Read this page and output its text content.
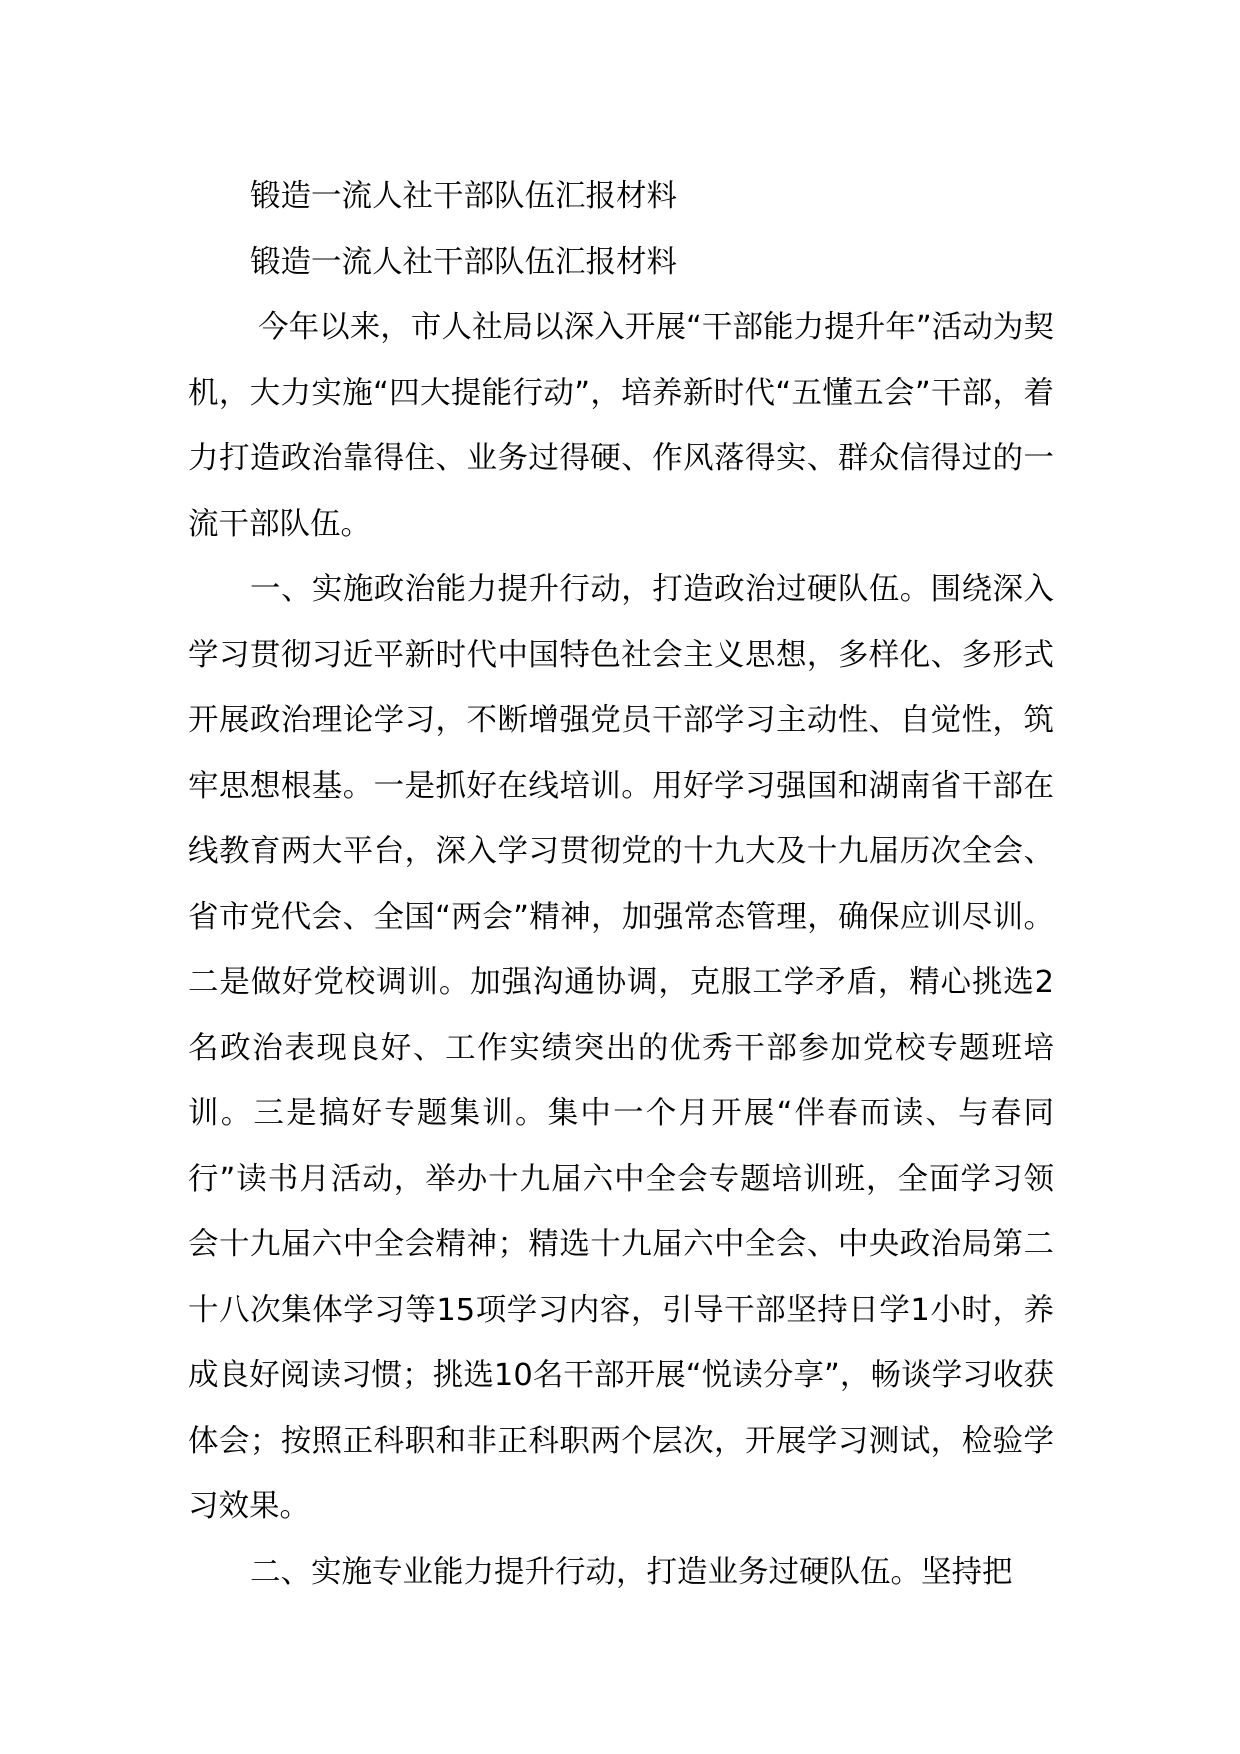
锻造一流人社干部队伍汇报材料

锻造一流人社干部队伍汇报材料

今年以来，市人社局以深入开展“干部能力提升年”活动为契机，大力实施“四大提能行动”，培养新时代“五懂五会”干部，着力打造政治靠得住、业务过得硬、作风落得实、群众信得过的一流干部队伍。

一、实施政治能力提升行动，打造政治过硬队伍。围绕深入学习贯彻习近平新时代中国特色社会主义思想，多样化、多形式开展政治理论学习，不断增强党员干部学习主动性、自觉性，筑牢思想根基。一是抓好在线培训。用好学习强国和湖南省干部在线教育两大平台，深入学习贯彻党的十九大及十九届历次全会、省市党代会、全国“两会”精神，加强常态管理，确保应训尽训。二是做好党校调训。加强沟通协调，克服工学矛盾，精心挑选2名政治表现良好、工作实绩突出的优秀干部参加党校专题班培训。三是搞好专题集训。集中一个月开展“伴春而读、与春同行”读书月活动，举办十九届六中全会专题培训班，全面学习领会十九届六中全会精神；精选十九届六中全会、中央政治局第二十八次集体学习等15项学习内容，引导干部坚持日学1小时，养成良好阅读习惯；挑选10名干部开展“悦读分享”，畅谈学习收获体会；按照正科职和非正科职两个层次，开展学习测试，检验学习效果。

二、实施专业能力提升行动，打造业务过硬队伍。坚持把
